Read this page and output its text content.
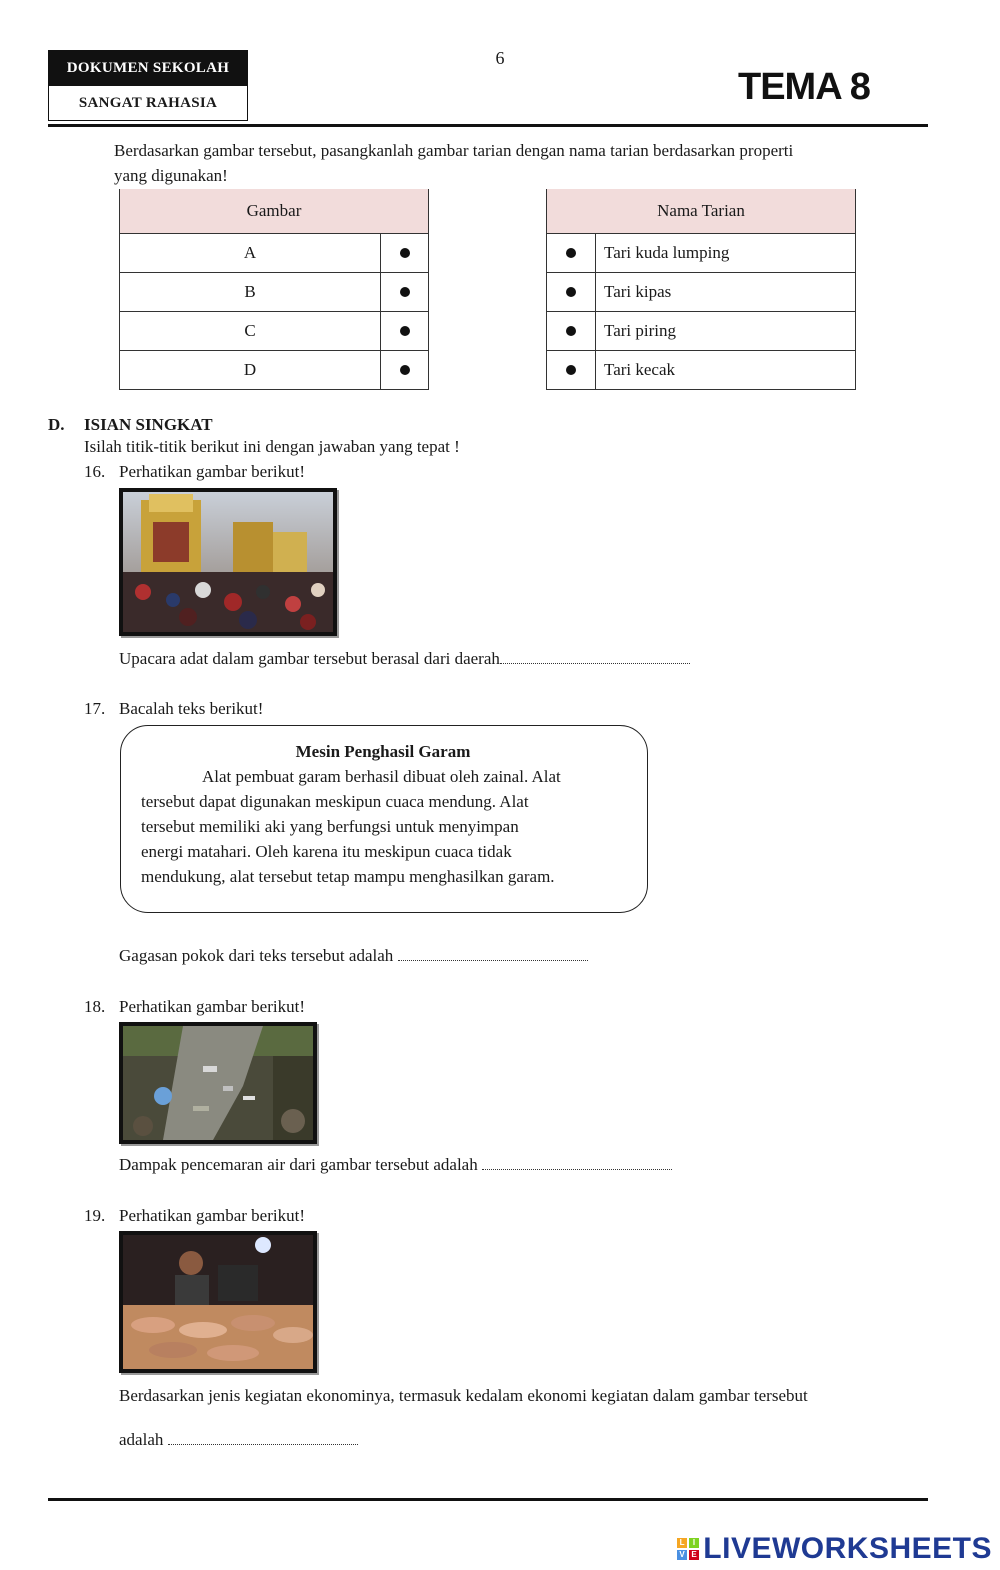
DOKUMEN SEKOLAH
SANGAT RAHASIA
6
TEMA 8
Berdasarkan gambar tersebut, pasangkanlah gambar tarian dengan nama tarian berdasarkan properti
yang digunakan!
Gambar	
A	
B	
C	
D	
Nama Tarian	
	Tari kuda lumping
	Tari kipas
	Tari piring
	Tari kecak
D. ISIAN SINGKAT
Isilah titik-titik berikut ini dengan jawaban yang tepat !
16. Perhatikan gambar berikut!
Upacara adat dalam gambar tersebut berasal dari daerah
17. Bacalah teks berikut!
Mesin Penghasil Garam
Alat pembuat garam berhasil dibuat oleh zainal. Alat
tersebut dapat digunakan meskipun cuaca mendung. Alat
tersebut memiliki aki yang berfungsi untuk menyimpan
energi matahari. Oleh karena itu meskipun cuaca tidak
mendukung, alat tersebut tetap mampu menghasilkan garam.
Gagasan pokok dari teks tersebut adalah
18. Perhatikan gambar berikut!
Dampak pencemaran air dari gambar tersebut adalah
19. Perhatikan gambar berikut!
Berdasarkan jenis kegiatan ekonominya, termasuk kedalam ekonomi kegiatan dalam gambar tersebut
adalah
L I
V E LIVEWORKSHEETS
